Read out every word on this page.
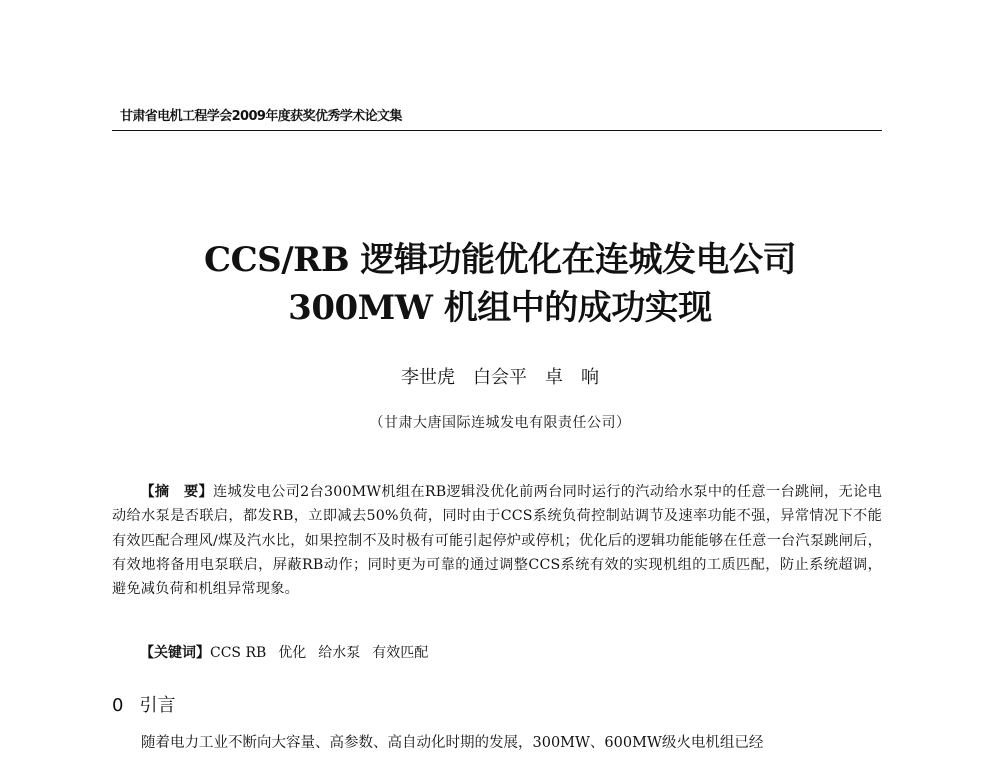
甘肃省电机工程学会2009年度获奖优秀学术论文集
CCS/RB 逻辑功能优化在连城发电公司
300MW 机组中的成功实现
李世虎　白会平　卓　响
（甘肃大唐国际连城发电有限责任公司）
【摘　要】连城发电公司2台300MW机组在RB逻辑没优化前两台同时运行的汽动给水泵中的任意一台跳闸，无论电动给水泵是否联启，都发RB，立即减去50%负荷，同时由于CCS系统负荷控制站调节及速率功能不强，异常情况下不能有效匹配合理风/煤及汽水比，如果控制不及时极有可能引起停炉或停机；优化后的逻辑功能能够在任意一台汽泵跳闸后，有效地将备用电泵联启，屏蔽RB动作；同时更为可靠的通过调整CCS系统有效的实现机组的工质匹配，防止系统超调，避免减负荷和机组异常现象。
【关键词】CCS RB 优化 给水泵 有效匹配
0 引言
随着电力工业不断向大容量、高参数、高自动化时期的发展，300MW、600MW级火电机组已经
